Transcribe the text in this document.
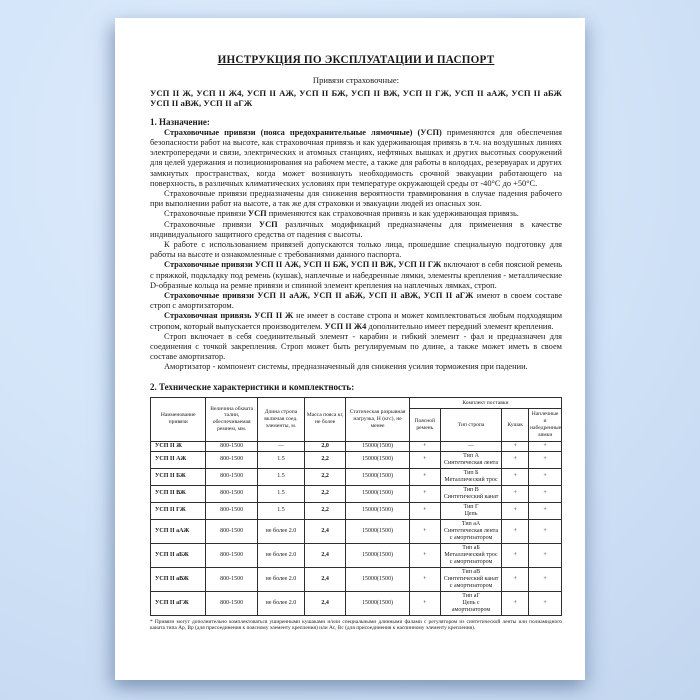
ИНСТРУКЦИЯ ПО ЭКСПЛУАТАЦИИ И ПАСПОРТ
Привязи страховочные:
УСП II Ж, УСП II Ж4, УСП II АЖ, УСП II БЖ, УСП II ВЖ, УСП II ГЖ, УСП II аАЖ, УСП II аБЖ УСП II аВЖ, УСП II аГЖ
1. Назначение:

Страховочные привязи (пояса предохранительные лямочные) (УСП) применяются для обеспечения безопасности работ на высоте, как страховочная привязь и как удерживающая привязь в т.ч. на воздушных линиях электропередачи и связи, электрических и атомных станциях, нефтяных вышках и других высотных сооружений для целей удержания и позиционирования на рабочем месте, а также для работы в колодцах, резервуарах и других замкнутых пространствах, когда может возникнуть необходимость срочной эвакуации работающего на поверхность, в различных климатических условиях при температуре окружающей среды от -40°С до +50°С.

Страховочные привязи предназначены для снижения вероятности травмирования в случае падения рабочего при выполнении работ на высоте, а так же для страховки и эвакуации людей из опасных зон.

Страховочные привязи УСП применяются как страховочная привязь и как удерживающая привязь.

Страховочные привязи УСП различных модификаций предназначены для применения в качестве индивидуального защитного средства от падения с высоты.

К работе с использованием привязей допускаются только лица, прошедшие специальную подготовку для работы на высоте и ознакомленные с требованиями данного паспорта.

Страховочные привязи УСП II АЖ, УСП II БЖ, УСП II ВЖ, УСП II ГЖ включают в себя поясной ремень с пряжкой, подкладку под ремень (кушак), наплечные и набедренные лямки, элементы крепления - металлические D-образные кольца на ремне привязи и спинной элемент крепления на наплечных лямках, строп.

Страховочные привязи УСП II аАЖ, УСП II аБЖ, УСП II аВЖ, УСП II аГЖ имеют в своем составе строп с амортизатором.

Страховочная привязь УСП II Ж не имеет в составе стропа и может комплектоваться любым подходящим стропом, который выпускается производителем. УСП II Ж4 дополнительно имеет передний элемент крепления.

Строп включает в себя соединительный элемент - карабин и гибкий элемент - фал и предназначен для соединения с точкой закрепления. Строп может быть регулируемым по длине, а также может иметь в своем составе амортизатор.

Амортизатор - компонент системы, предназначенный для снижения усилия торможения при падении.

2. Технические характеристики и комплектность:
Наименование привязи	Величина обхвата талии, обеспечиваемая ремнем, мм.	Длина стропа включая соед. элементы, м.	Масса пояса кг, не более	Статическая разрывная нагрузка, Н (кгс), не менее	Комплект поставки			
					Поясной ремень	Тип стропа	Кушак	Наплечные и набедренные лямки
УСП II Ж	800-1500	—	2,0	15000(1500)	+	—	+	+
УСП II АЖ	800-1500	1.5	2,2	15000(1500)	+	Тип А
Синтетическая лента	+	+
УСП II БЖ	800-1500	1.5	2,2	15000(1500)	+	Тип Б
Металлический трос	+	+
УСП II ВЖ	800-1500	1.5	2,2	15000(1500)	+	Тип В
Синтетический канат	+	+
УСП II ГЖ	800-1500	1.5	2,2	15000(1500)	+	Тип Г
Цепь	+	+
УСП II аАЖ	800-1500	не более 2.0	2,4	15000(1500)	+	Тип аА
Синтетическая лента с амортизатором	+	+
УСП II аБЖ	800-1500	не более 2.0	2,4	15000(1500)	+	Тип аБ
Металлический трос с амортизатором	+	+
УСП II аВЖ	800-1500	не более 2.0	2,4	15000(1500)	+	Тип аВ
Синтетический канат с амортизатором	+	+
УСП II аГЖ	800-1500	не более 2.0	2,4	15000(1500)	+	Тип аГ
Цепь с амортизатором	+	+
* Привязи могут дополнительно комплектоваться уширенными кушаками и/или специальными длинными фалами с регулятором из синтетической ленты или полиамидного каната типа Ар, Вр (для присоединения к поясному элементу крепления) или Ас, Вс (для присоединения к наспинному элементу крепления).
